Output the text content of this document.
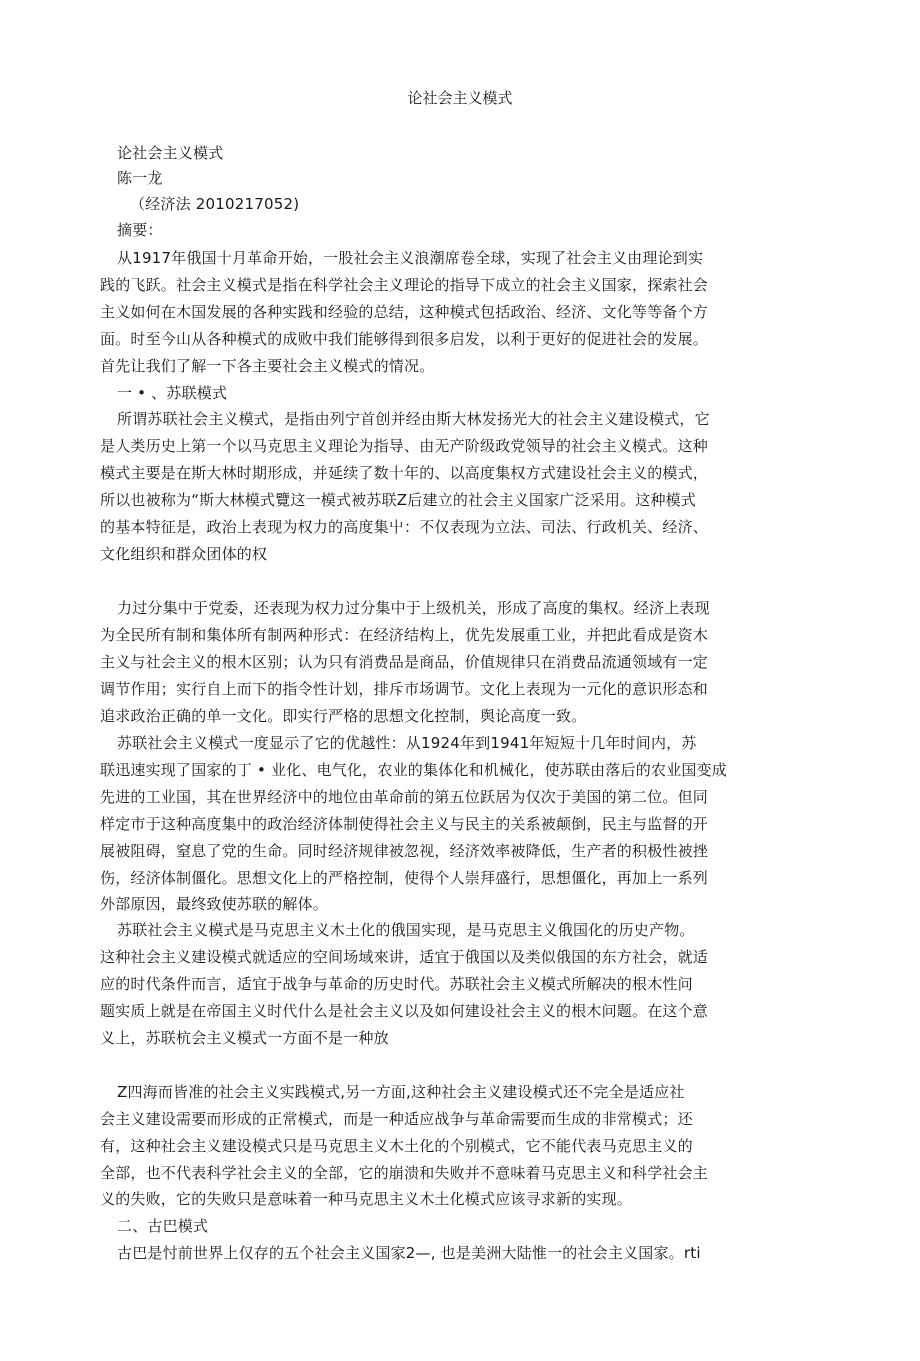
论社会主义模式
论社会主义模式
陈一龙
（经济法 2010217052)
摘要：
从1917年俄国十月革命开始，一股社会主义浪潮席卷全球，实现了社会主义由理论到实
践的飞跃。社会主义模式是指在科学社会主义理论的指导下成立的社会主义国家，探索社会
主义如何在木国发展的各种实践和经验的总结，这种模式包括政治、经济、文化等等备个方
面。时至今山从各种模式的成败中我们能够得到很多启发，以利于更好的促进社会的发展。
首先让我们了解一下各主要社会主义模式的情况。
一 • 、苏联模式
所谓苏联社会主义模式，是指由列宁首创并经由斯大林发扬光大的社会主义建设模式，它
是人类历史上第一个以马克思主义理论为指导、由无产阶级政党领导的社会主义模式。这种
模式主要是在斯大林时期形成，并延续了数十年的、以高度集权方式建设社会主义的模式，
所以也被称为“斯大林模式覽这一模式被苏联Z后建立的社会主义国家广泛采用。这种模式
的基本特征是，政治上表现为权力的高度集屮：不仅表现为立法、司法、行政机关、经济、
文化组织和群众团体的权
力过分集中于党委，还表现为权力过分集中于上级机关，形成了高度的集权。经济上表现
为全民所有制和集体所有制两种形式：在经济结构上，优先发展重工业，并把此看成是资木
主义与社会主义的根木区别；认为只有消费品是商品，价值规律只在消费品流通领域有一定
调节作用；实行自上而下的指令性计划，排斥市场调节。文化上表现为一元化的意识形态和
追求政治正确的单一文化。即实行严格的思想文化控制，舆论高度一致。
苏联社会主义模式一度显示了它的优越性：从1924年到1941年短短十几年时间内，苏
联迅速实现了国家的丁 • 业化、电气化，农业的集体化和机械化，使苏联由落后的农业国变成
先进的工业国，其在世界经济中的地位由革命前的第五位跃居为仅次于美国的第二位。但同
样定市于这种高度集中的政治经济体制使得社会主义与民主的关系被颠倒，民主与监督的开
展被阻碍，窒息了党的生命。同时经济规律被忽视，经济效率被降低，生产者的积极性被挫
伤，经济体制僵化。思想文化上的严格控制，使得个人崇拜盛行，思想僵化，再加上一系列
外部原因，最终致使苏联的解体。
苏联社会主义模式是马克思主义木土化的俄国实现，是马克思主义俄国化的历史产物。
这种社会主义建设模式就适应的空间场域來讲，适宜于俄国以及类似俄国的东方社会，就适
应的时代条件而言，适宜于战争与革命的历史时代。苏联社会主义模式所解决的根木性问
题实质上就是在帝国主义时代什么是社会主义以及如何建设社会主义的根木问题。在这个意
义上，苏联杭会主义模式一方面不是一种放
Z四海而皆准的社会主义实践模式,另一方面,这种社会主义建设模式还不完全是适应社
会主义建设需要而形成的正常模式，而是一种适应战争与革命需要而生成的非常模式；还
有，这种社会主义建设模式只是马克思主义木土化的个别模式，它不能代表马克思主义的
全部，也不代表科学社会主义的全部，它的崩溃和失败并不意味着马克思主义和科学社会主
义的失败，它的失败只是意味着一种马克思主义木土化模式应该寻求新的实现。
二、古巴模式
古巴是忖前世界上仅存的五个社会主义国家2—, 也是美洲大陆惟一的社会主义国家。rti
